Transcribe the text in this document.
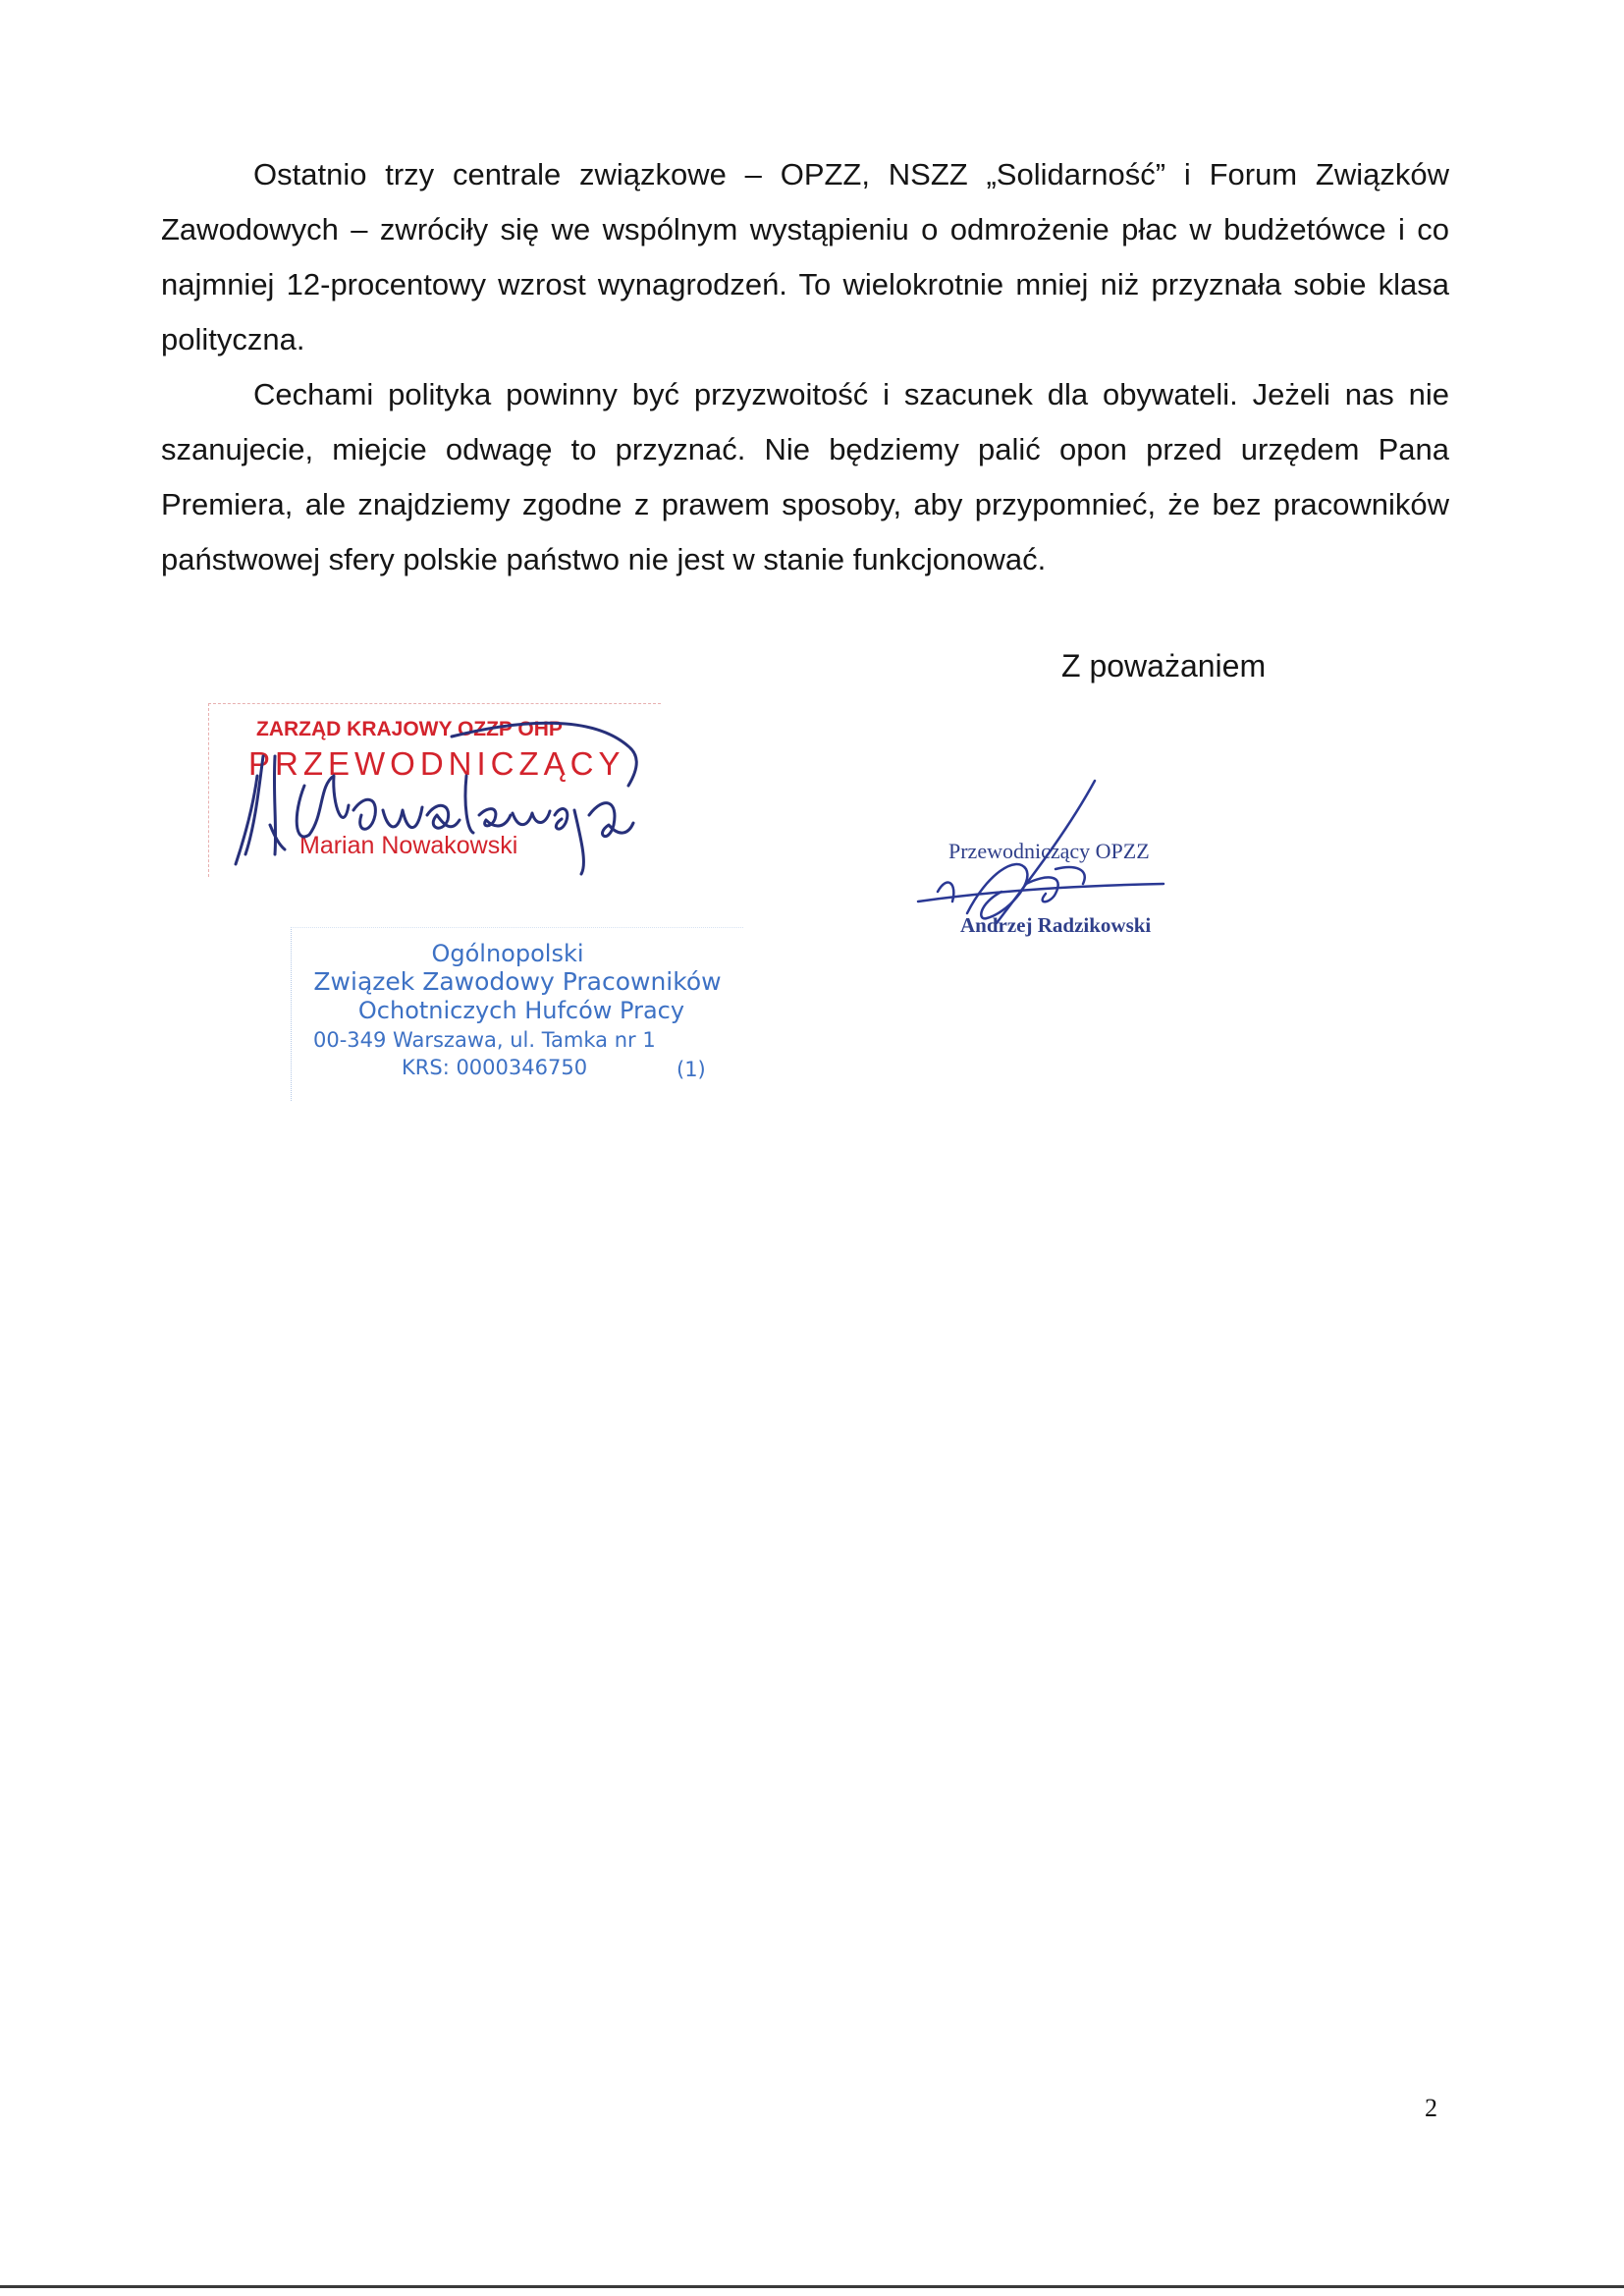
Ostatnio trzy centrale związkowe – OPZZ, NSZZ „Solidarność” i Forum Związków Zawodowych – zwróciły się we wspólnym wystąpieniu o odmrożenie płac w budżetówce i co najmniej 12-procentowy wzrost wynagrodzeń. To wielokrotnie mniej niż przyznała sobie klasa polityczna.

Cechami polityka powinny być przyzwoitość i szacunek dla obywateli. Jeżeli nas nie szanujecie, miejcie odwagę to przyznać. Nie będziemy palić opon przed urzędem Pana Premiera, ale znajdziemy zgodne z prawem sposoby, aby przypomnieć, że bez pracowników państwowej sfery polskie państwo nie jest w stanie funkcjonować.

Z poważaniem
ZARZĄD KRAJOWY OZZP OHP
PRZEWODNICZĄCY
Marian Nowakowski
Ogólnopolski
Związek Zawodowy Pracowników
Ochotniczych Hufców Pracy
00-349 Warszawa, ul. Tamka nr 1
KRS: 0000346750	(1)
Przewodniczący OPZZ
Andrzej Radzikowski
2
